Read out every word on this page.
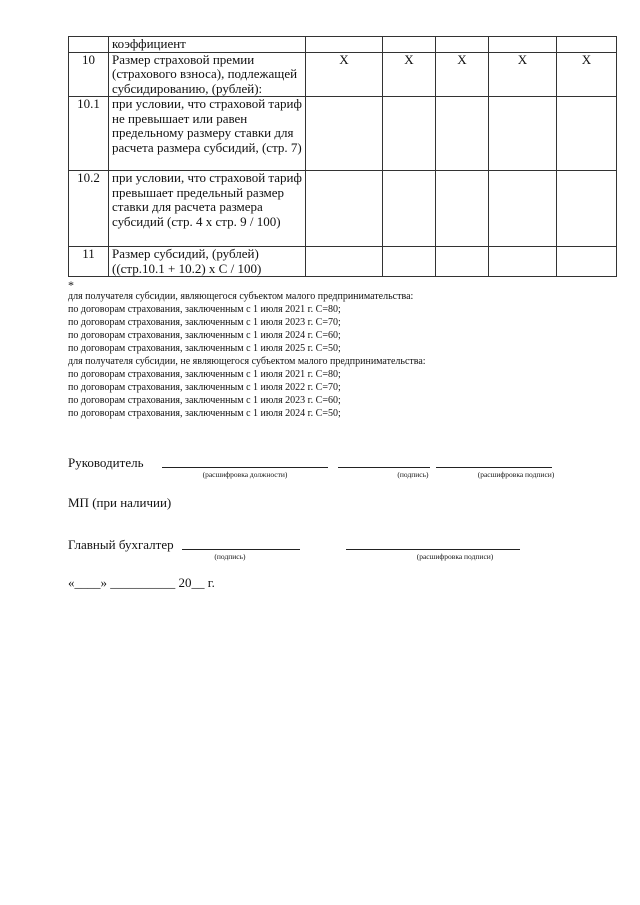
	коэффициент					
10	Размер страховой премии (страхового взноса), подлежащей субсидированию, (рублей):	X	X	X	X	X
10.1	при условии, что страховой тариф не превышает или равен предельному размеру ставки для расчета размера субсидий, (стр. 7)					
10.2	при условии, что страховой тариф превышает предельный размер ставки для расчета размера субсидий (стр. 4 х стр. 9 / 100)					
11	Размер субсидий, (рублей) ((стр.10.1 + 10.2) х С / 100)					
*
для получателя субсидии, являющегося субъектом малого предпринимательства:
по договорам страхования, заключенным с 1 июля 2021 г. С=80;
по договорам страхования, заключенным с 1 июля 2023 г. С=70;
по договорам страхования, заключенным с 1 июля 2024 г. С=60;
по договорам страхования, заключенным с 1 июля 2025 г. С=50;
для получателя субсидии, не являющегося субъектом малого предпринимательства:
по договорам страхования, заключенным с 1 июля 2021 г. С=80;
по договорам страхования, заключенным с 1 июля 2022 г. С=70;
по договорам страхования, заключенным с 1 июля 2023 г. С=60;
по договорам страхования, заключенным с 1 июля 2024 г. С=50;
Руководитель
(расшифровка должности)	(подпись)	(расшифровка подписи)
МП (при наличии)
Главный бухгалтер
(подпись)	(расшифровка подписи)
«____» __________ 20__ г.
